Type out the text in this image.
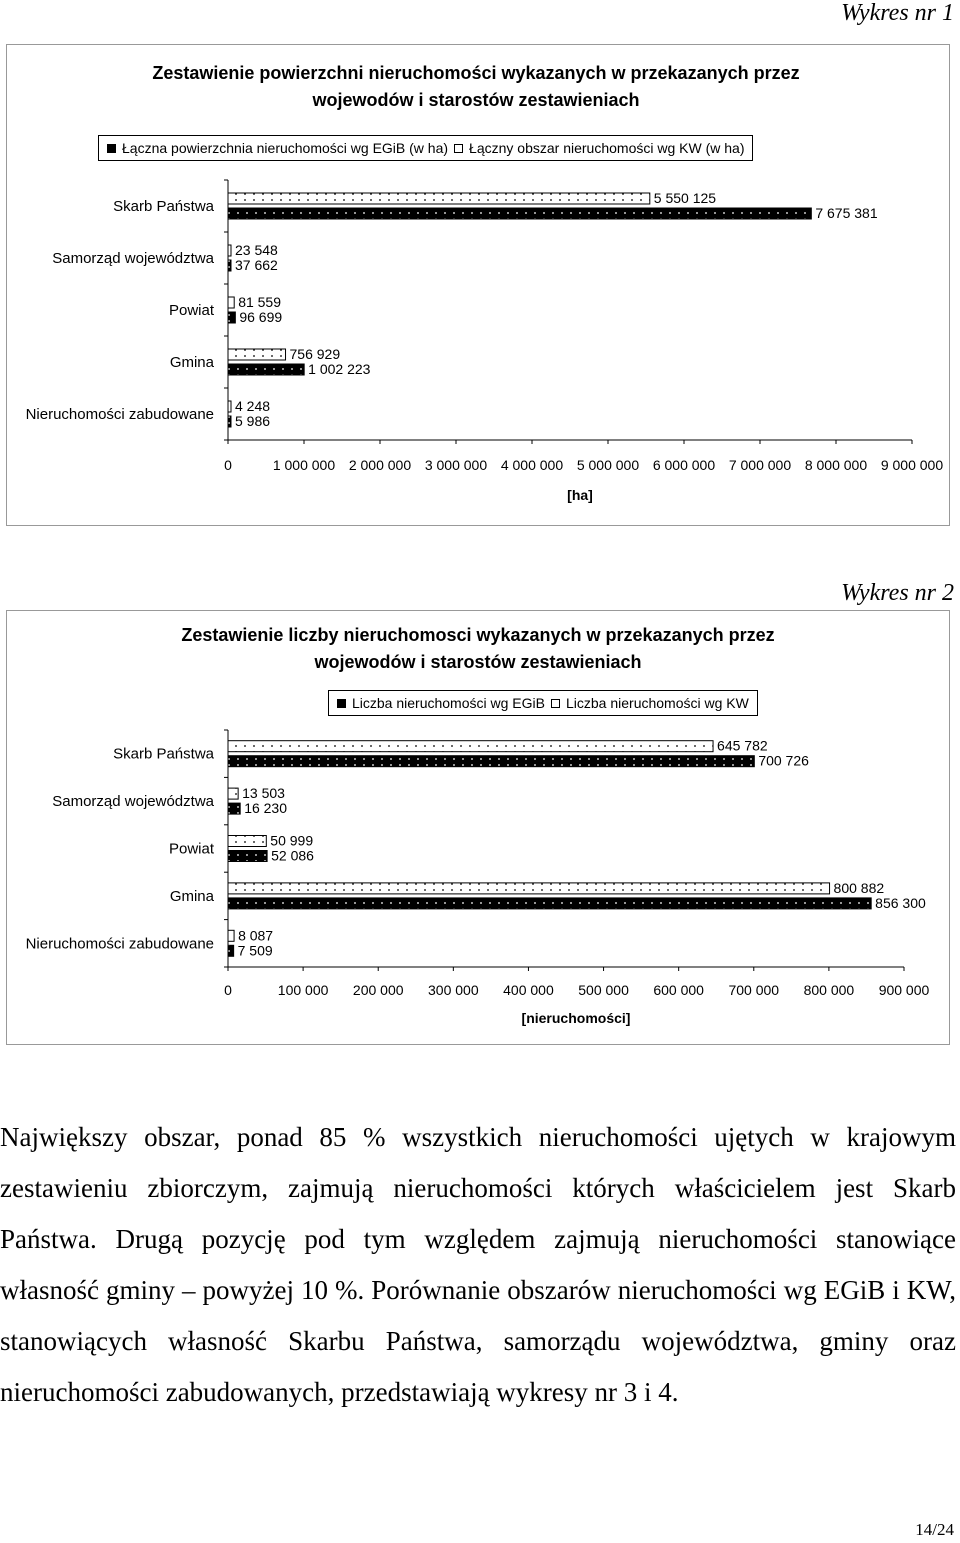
Wykres nr 1
Zestawienie powierzchni nieruchomości wykazanych w przekazanych przez wojewodów i starostów zestawieniach
Łączna powierzchnia nieruchomości wg EGiB (w ha) Łączny obszar nieruchomości wg KW (w ha)
0	1 000 000 2 000 000 3 000 000 4 000 000 5 000 000 6 000 000 7 000 000 8 000 000 9 000 000
[ha]
Skarb Państwa	5 550 125
7 675 381
Samorząd województwa 23 548
37 662
Powiat 81 559
96 699
Gmina	756 929
1 002 223
Nieruchomości zabudowane 4 248
5 986
Wykres nr 2
Zestawienie liczby nieruchomosci wykazanych w przekazanych przez wojewodów i starostów zestawieniach
Liczba nieruchomości wg EGiB Liczba nieruchomości wg KW
0	100 000 200 000 300 000 400 000 500 000 600 000 700 000 800 000 900 000
[nieruchomości]
Skarb Państwa	645 782
700 726
Samorząd województwa 13 503
16 230
Powiat	50 999
52 086
Gmina	800 882
856 300
Nieruchomości zabudowane 8 087
7 509
Największy obszar, ponad 85 % wszystkich nieruchomości ujętych w krajowym zestawieniu zbiorczym, zajmują nieruchomości których właścicielem jest Skarb Państwa. Drugą pozycję pod tym względem zajmują nieruchomości stanowiące własność gminy – powyżej 10 %. Porównanie obszarów nieruchomości wg EGiB i KW, stanowiących własność Skarbu Państwa, samorządu województwa, gminy oraz nieruchomości zabudowanych, przedstawiają wykresy nr 3 i 4.
14/24
